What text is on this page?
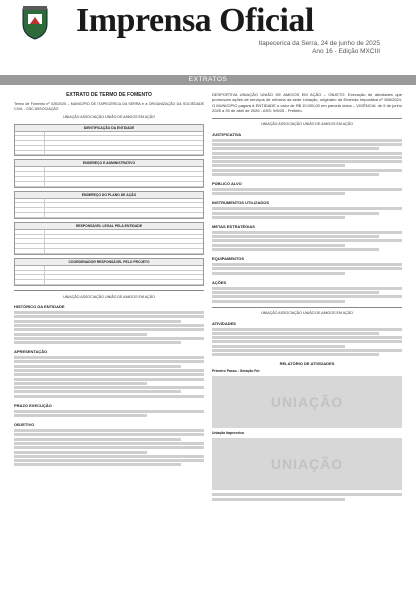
Imprensa Oficial
Itapecerica da Serra, 24 de junho de 2025
Ano 16 - Edição MXCIII
EXTRATOS
EXTRATO DE TERMO DE FOMENTO
Termo de Fomento nº 026/2025 – MUNICÍPIO DE ITAPECERICA DA SERRA e a ORGANIZAÇÃO DA SOCIEDADE CIVIL - OSC ASSOCIAÇÃO
UNIAÇÃO ASSOCIAÇÃO UNIÃO DE AMIGOS EM AÇÃO
IDENTIFICAÇÃO DA ENTIDADE
ENDEREÇO E ADMINISTRATIVO
ENDEREÇO DO PLANO DE AÇÃO
RESPONSÁVEL LEGAL PELA ENTIDADE
COORDENADOR RESPONSÁVEL PELO PROJETO
UNIAÇÃO ASSOCIAÇÃO UNIÃO DE AMIGOS EM AÇÃO
HISTÓRICO DA ENTIDADE
APRESENTAÇÃO
PRAZO EXECUÇÃO
OBJETIVO
DESPORTIVA UNIAÇÃO UNIÃO DE AMIGOS EM AÇÃO – OBJETO: Execução de atividades que promovam ações de serviços de reforma da sede Uniação, originário da Emenda Impositiva nº 058/2024. O MUNICÍPIO pagará à ENTIDADE o valor de R$ 10.000,00 em parcela única – VIGÊNCIA: de 9 de junho 2025 a 30 de abril de 2026 - ASS: 9/6/25 - Prefeito.
UNIAÇÃO ASSOCIAÇÃO UNIÃO DE AMIGOS EM AÇÃO
JUSTIFICATIVA
PÚBLICO ALVO
INSTRUMENTOS UTILIZADOS
METAS ESTRATÉGIAS
EQUIPAMENTOS
AÇÕES
UNIAÇÃO ASSOCIAÇÃO UNIÃO DE AMIGOS EM AÇÃO
ATIVIDADES
RELATÓRIO DE ATIVIDADES
Primeiro Passo - Geração Fut
UNIAÇÃO
Uniação Itapecerica
UNIAÇÃO
